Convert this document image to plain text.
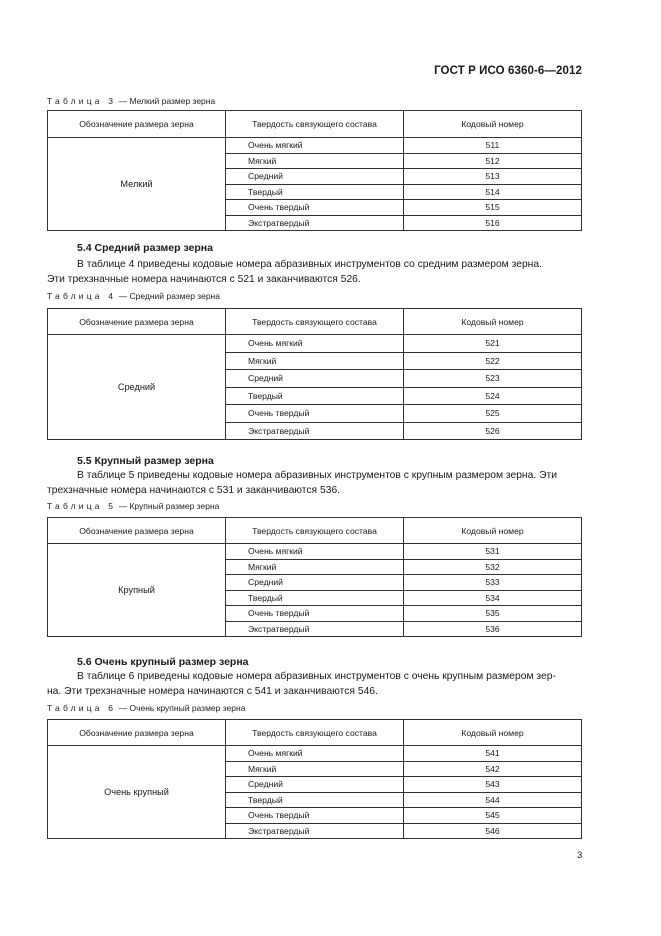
ГОСТ Р ИСО 6360-6—2012
Таблица 3 — Мелкий размер зерна
Обозначение размера зерна	Твердость связующего состава	Кодовый номер
Мелкий	Очень мягкий	511
	Мягкий	512
	Средний	513
	Твердый	514
	Очень твердый	515
	Экстратвердый	516
5.4 Средний размер зерна
В таблице 4 приведены кодовые номера абразивных инструментов со средним размером зерна.
Эти трехзначные номера начинаются с 521 и заканчиваются 526.
Таблица 4 — Средний размер зерна
Обозначение размера зерна	Твердость связующего состава	Кодовый номер
Средний	Очень мягкий	521
	Мягкий	522
	Средний	523
	Твердый	524
	Очень твердый	525
	Экстратвердый	526
5.5 Крупный размер зерна
В таблице 5 приведены кодовые номера абразивных инструментов с крупным размером зерна. Эти
трехзначные номера начинаются с 531 и заканчиваются 536.
Таблица 5 — Крупный размер зерна
Обозначение размера зерна	Твердость связующего состава	Кодовый номер
Крупный	Очень мягкий	531
	Мягкий	532
	Средний	533
	Твердый	534
	Очень твердый	535
	Экстратвердый	536
5.6 Очень крупный размер зерна
В таблице 6 приведены кодовые номера абразивных инструментов с очень крупным размером зер-
на. Эти трехзначные номера начинаются с 541 и заканчиваются 546.
Таблица 6 — Очень крупный размер зерна
Обозначение размера зерна	Твердость связующего состава	Кодовый номер
Очень крупный	Очень мягкий	541
	Мягкий	542
	Средний	543
	Твердый	544
	Очень твердый	545
	Экстратвердый	546
3
